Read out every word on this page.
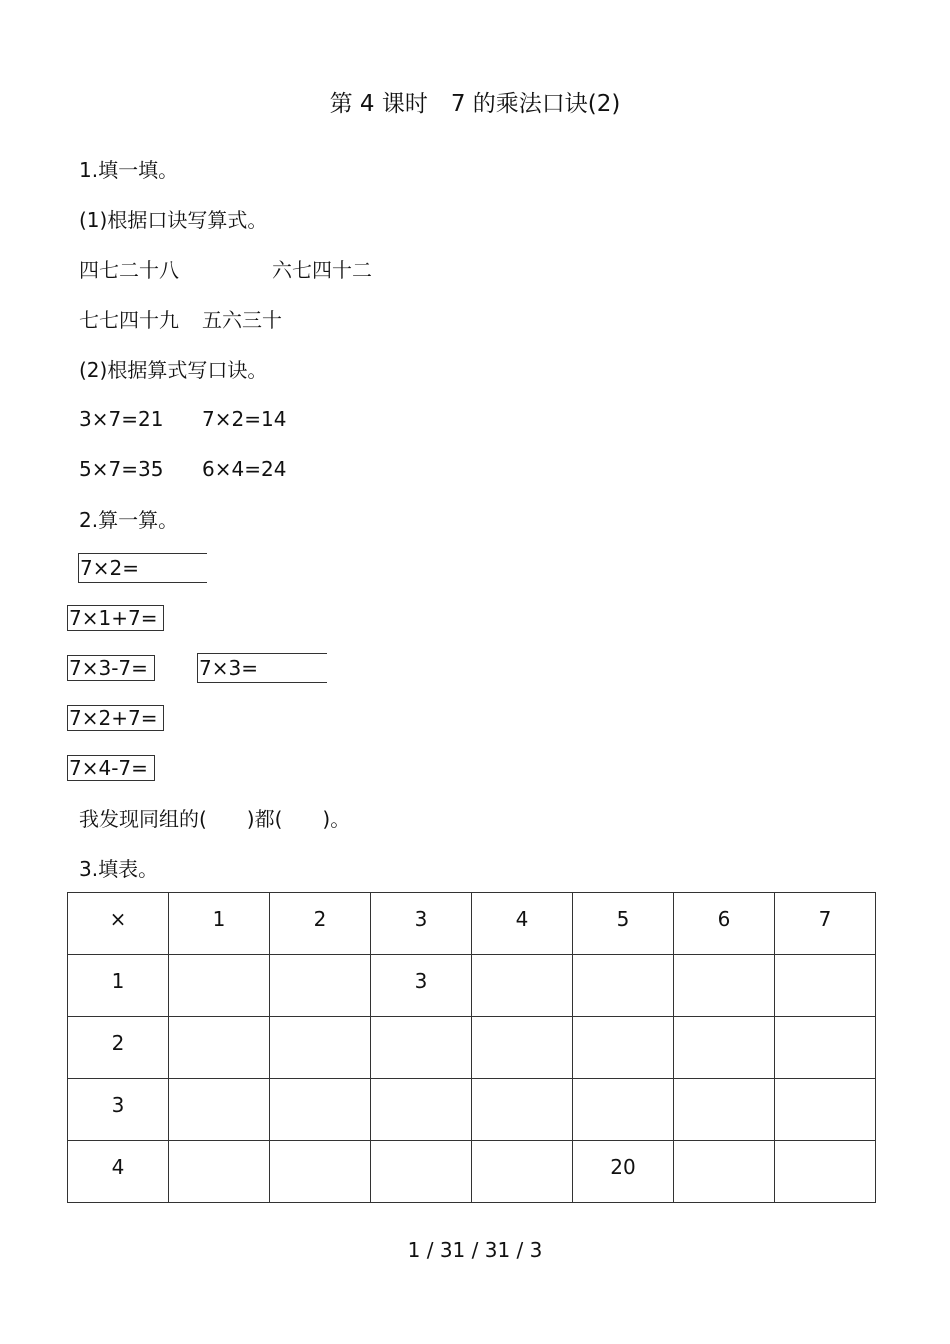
第 4 课时　7 的乘法口诀(2)
1.填一填。
(1)根据口诀写算式。
四七二十八	六七四十二
七七四十九 五六三十
(2)根据算式写口诀。
3×7=21 7×2=14
5×7=35 6×4=24
2.算一算。
7×2=
7×1+7=
7×3-7=	7×3=
7×2+7=
7×4-7=
我发现同组的(　　)都(　　)。
3.填表。
×	1	2	3	4	5	6	7
1			3				
2							
3							
4					20		
1 / 31 / 31 / 3
